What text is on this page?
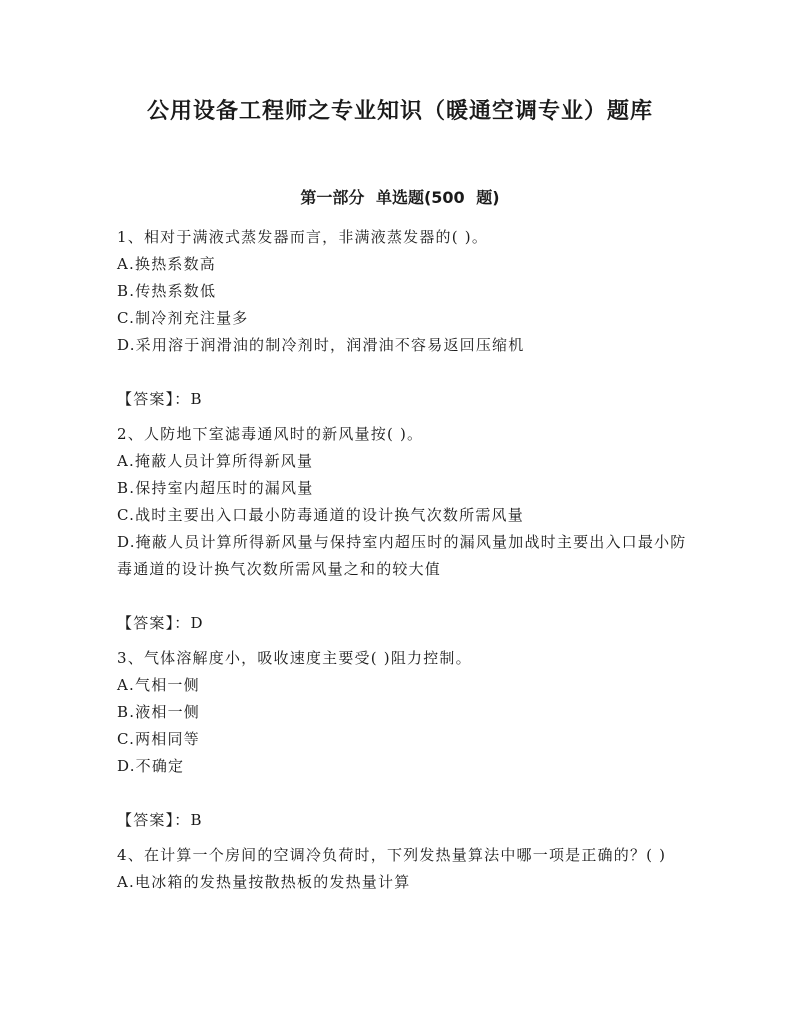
公用设备工程师之专业知识（暖通空调专业）题库
第一部分 单选题(500 题)
1、相对于满液式蒸发器而言，非满液蒸发器的( )。
A.换热系数高
B.传热系数低
C.制冷剂充注量多
D.采用溶于润滑油的制冷剂时，润滑油不容易返回压缩机
【答案】：B
2、人防地下室滤毒通风时的新风量按( )。
A.掩蔽人员计算所得新风量
B.保持室内超压时的漏风量
C.战时主要出入口最小防毒通道的设计换气次数所需风量
D.掩蔽人员计算所得新风量与保持室内超压时的漏风量加战时主要出入口最小防毒通道的设计换气次数所需风量之和的较大值
【答案】：D
3、气体溶解度小，吸收速度主要受( )阻力控制。
A.气相一侧
B.液相一侧
C.两相同等
D.不确定
【答案】：B
4、在计算一个房间的空调冷负荷时，下列发热量算法中哪一项是正确的？( )
A.电冰箱的发热量按散热板的发热量计算
